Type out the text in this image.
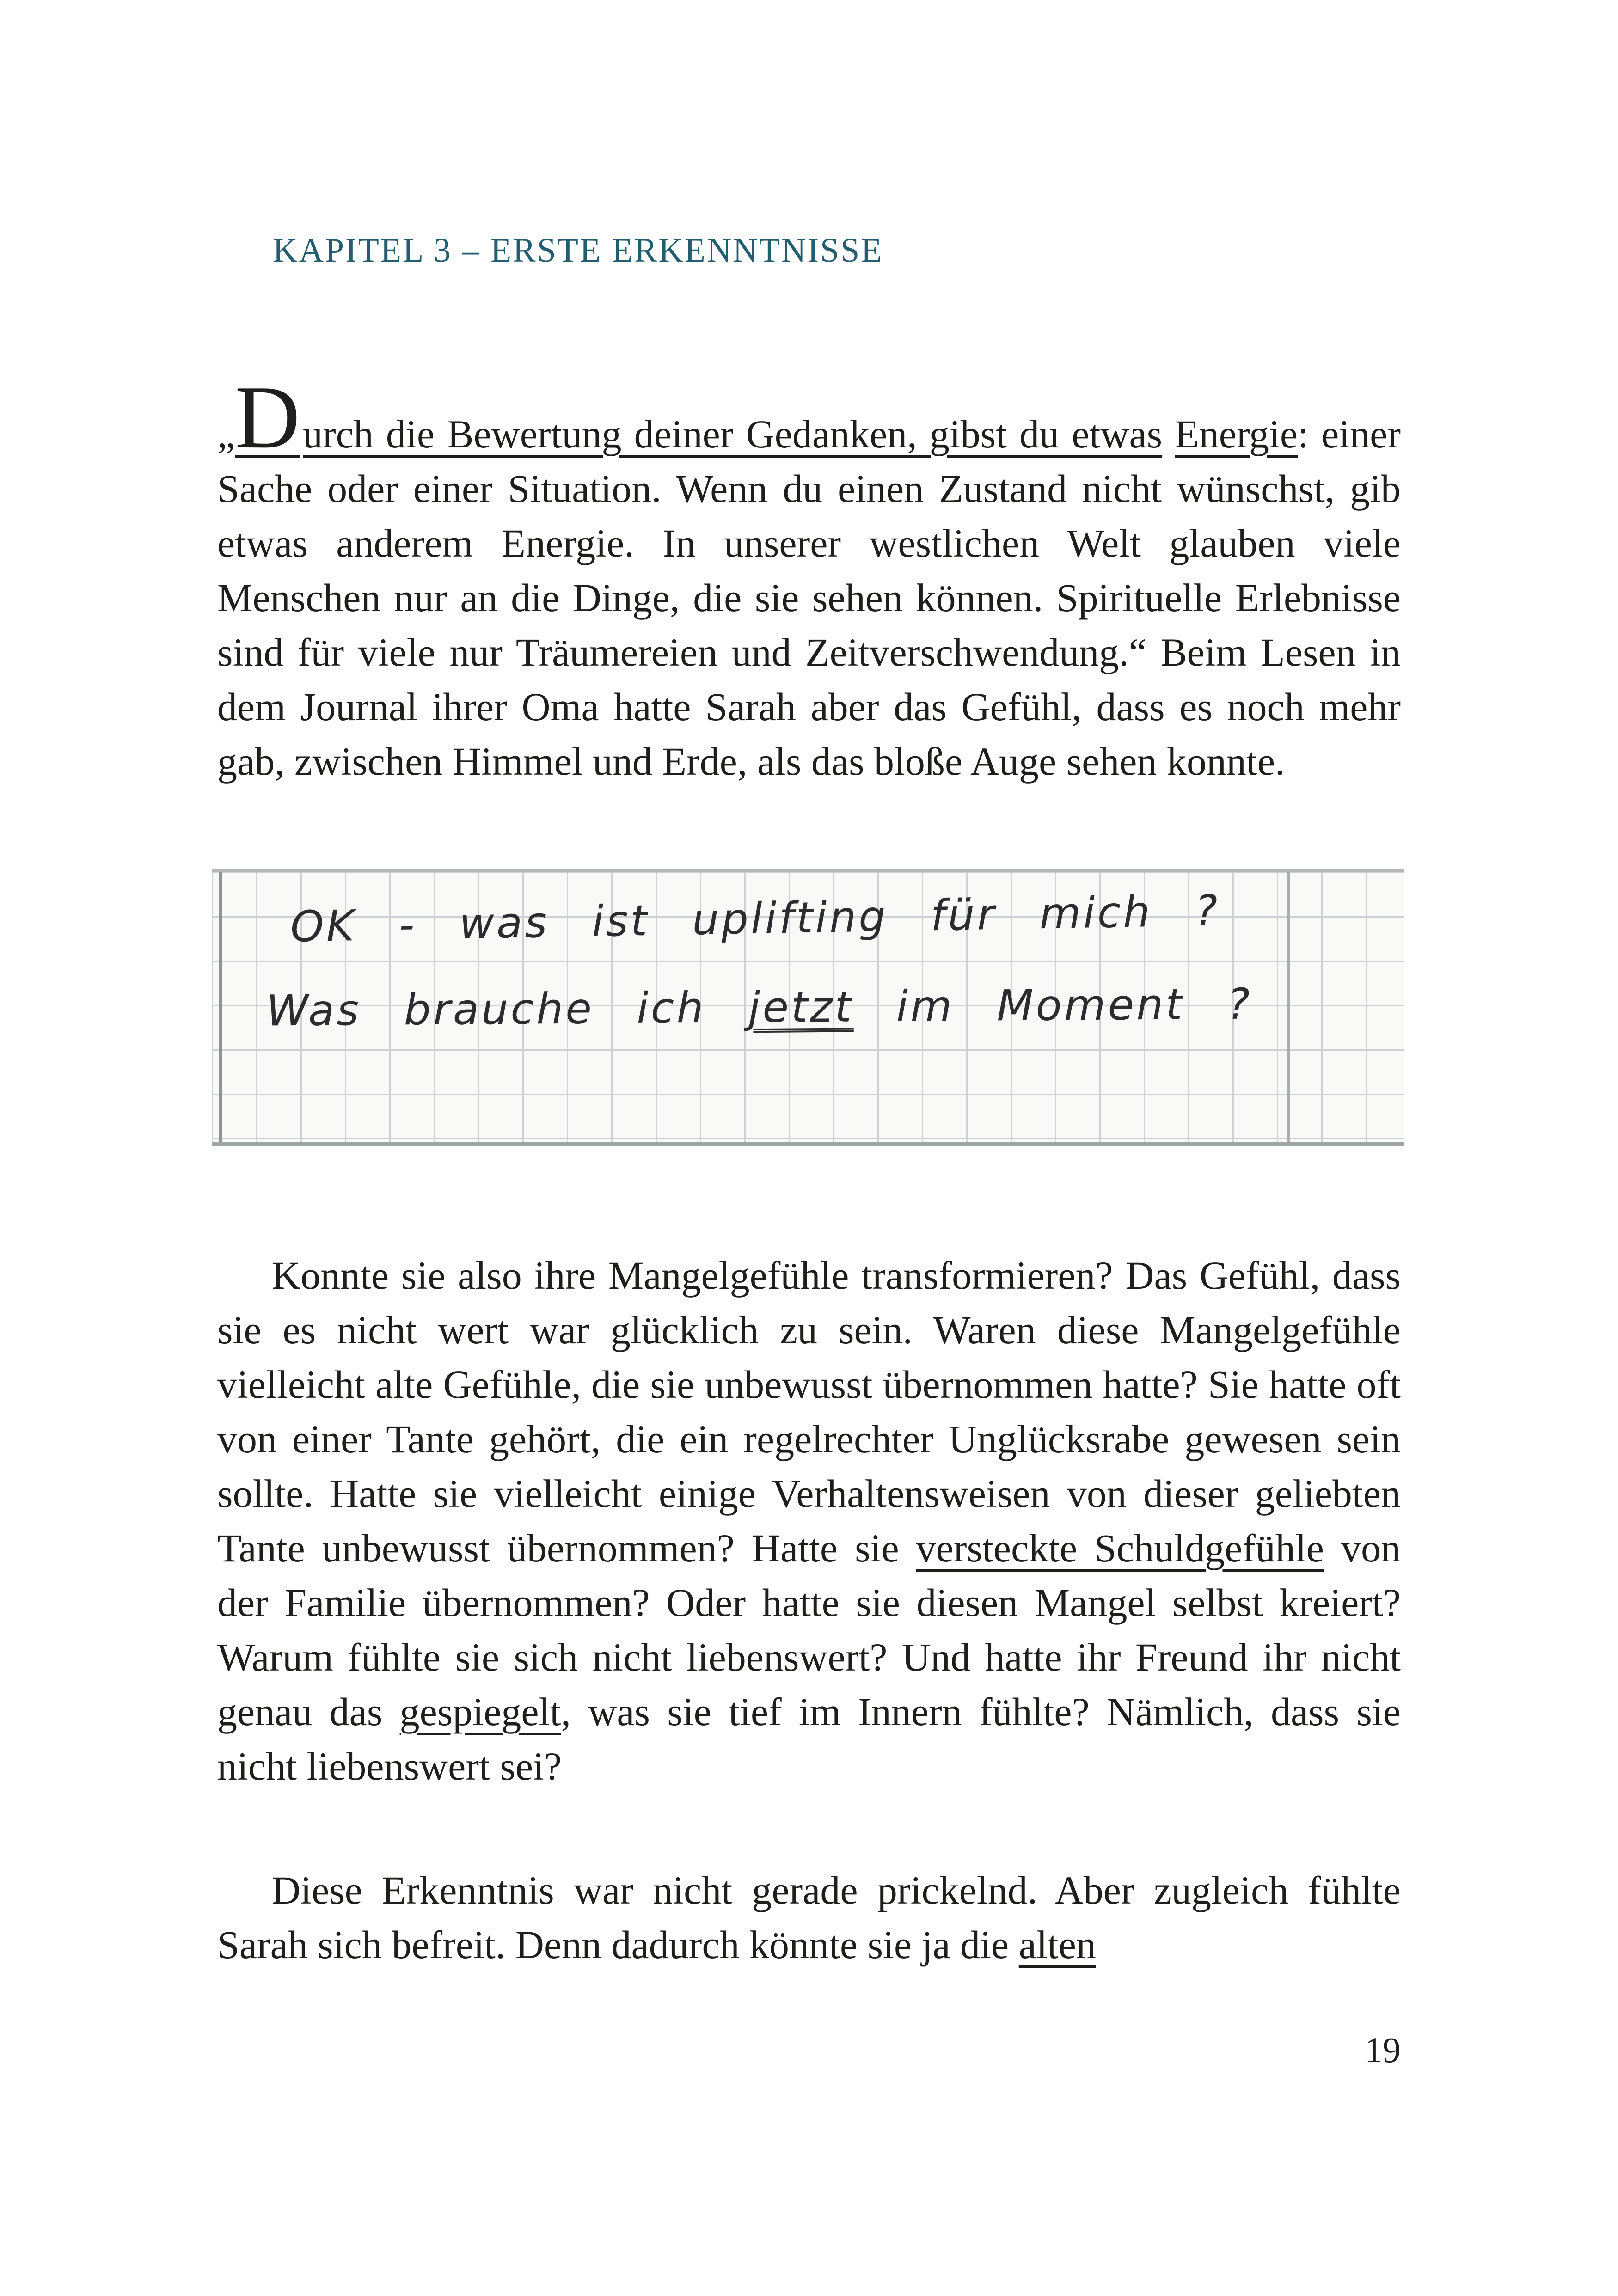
KAPITEL 3 – ERSTE ERKENNTNISSE

„Durch die Bewertung deiner Gedanken, gibst du etwas Energie: einer Sache oder einer Situation. Wenn du einen Zustand nicht wünschst, gib etwas anderem Energie. In unserer westlichen Welt glauben viele Menschen nur an die Dinge, die sie sehen können. Spirituelle Erlebnisse sind für viele nur Träumereien und Zeitverschwendung.“ Beim Lesen in dem Journal ihrer Oma hatte Sarah aber das Gefühl, dass es noch mehr gab, zwischen Himmel und Erde, als das bloße Auge sehen konnte.

OK - was ist uplifting für mich ?
Was brauche ich jetzt im Moment ?

Konnte sie also ihre Mangelgefühle transformieren? Das Gefühl, dass sie es nicht wert war glücklich zu sein. Waren diese Mangelgefühle vielleicht alte Gefühle, die sie unbewusst übernommen hatte? Sie hatte oft von einer Tante gehört, die ein regelrechter Unglücksrabe gewesen sein sollte. Hatte sie vielleicht einige Verhaltensweisen von dieser geliebten Tante unbewusst übernommen? Hatte sie versteckte Schuldgefühle von der Familie übernommen? Oder hatte sie diesen Mangel selbst kreiert? Warum fühlte sie sich nicht liebenswert? Und hatte ihr Freund ihr nicht genau das gespiegelt, was sie tief im Innern fühlte? Nämlich, dass sie nicht liebenswert sei?

Diese Erkenntnis war nicht gerade prickelnd. Aber zugleich fühlte Sarah sich befreit. Denn dadurch könnte sie ja die alten

19
